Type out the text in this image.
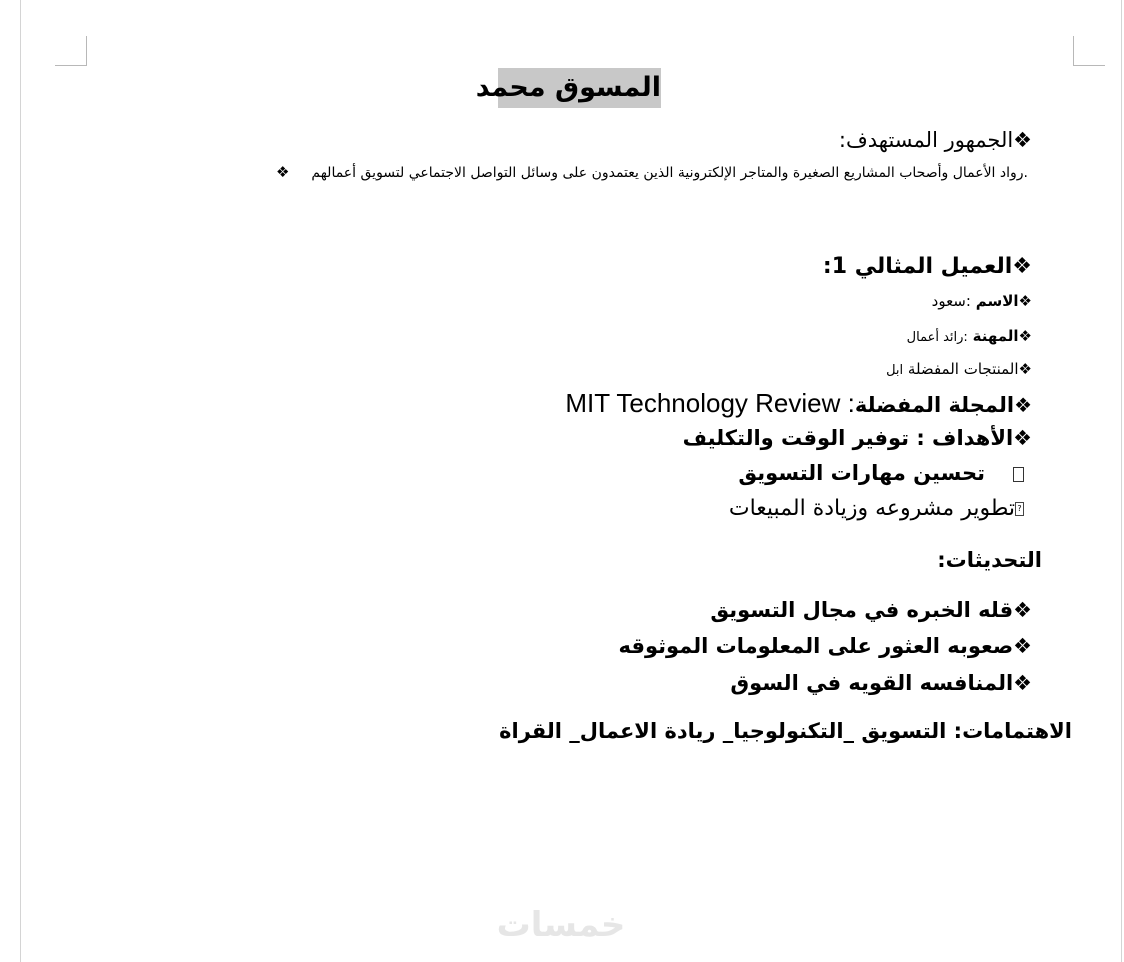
المسوق محمد
❖الجمهور المستهدف:
.رواد الأعمال وأصحاب المشاريع الصغيرة والمتاجر الإلكترونية الذين يعتمدون على وسائل التواصل الاجتماعي لتسويق أعمالهم❖
❖العميل المثالي 1:
❖الاسم :سعود
❖المهنة :رائد أعمال
❖المنتجات المفضلة ابل
❖المجلة المفضلةMIT Technology Review :
❖الأهداف : توفير الوقت والتكليف
تحسين مهارات التسويق
?تطوير مشروعه وزيادة المبيعات
التحديثات:
❖قله الخبره في مجال التسويق
❖صعوبه العثور على المعلومات الموثوقه
❖المنافسه القويه في السوق
الاهتمامات: التسويق _التكنولوجيا_ ريادة الاعمال_ القراة
خمسات
